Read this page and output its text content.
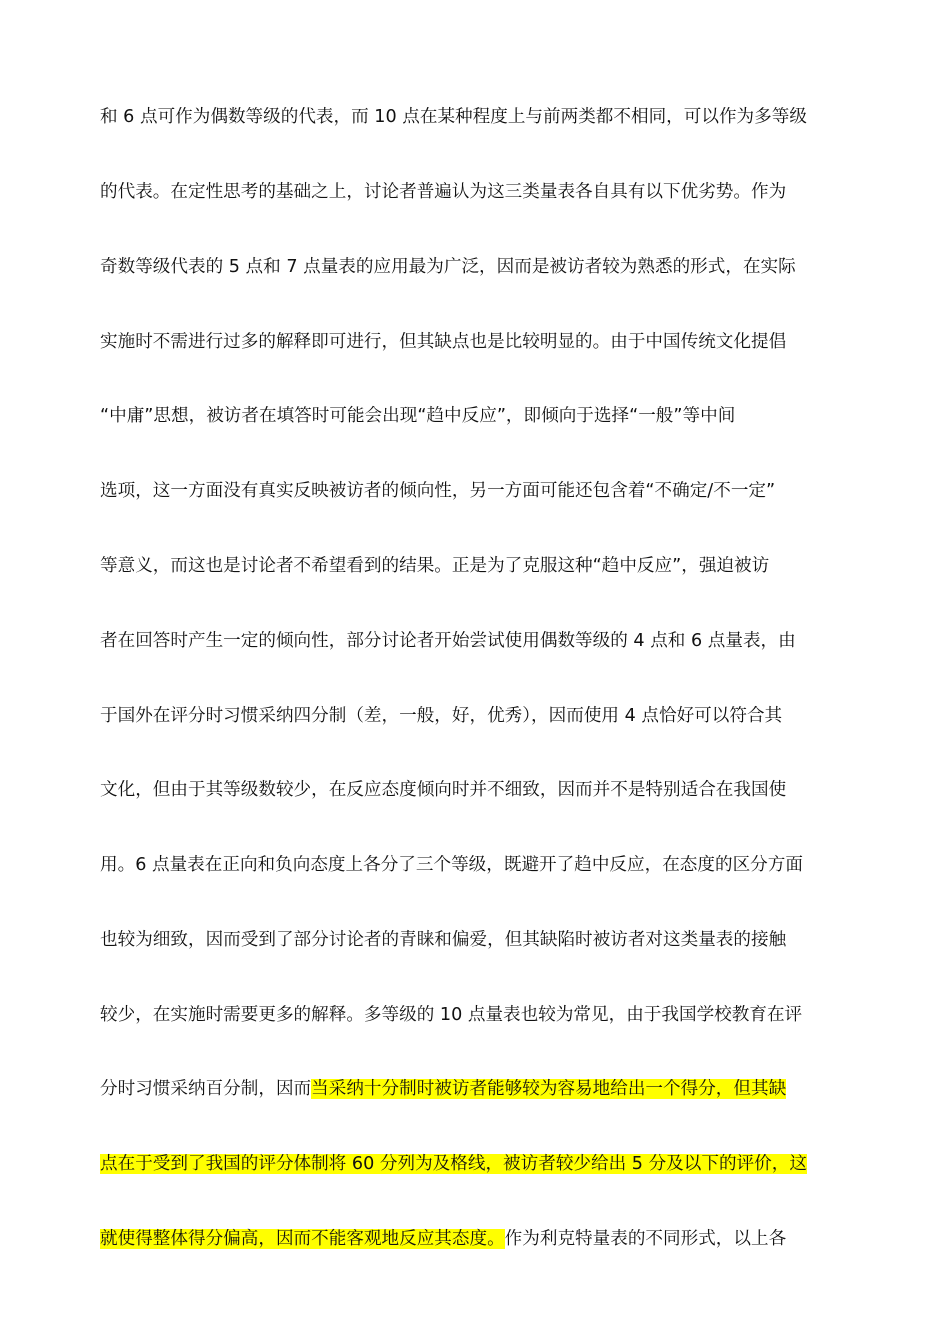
和 6 点可作为偶数等级的代表，而 10 点在某种程度上与前两类都不相同，可以作为多等级
的代表。在定性思考的基础之上，讨论者普遍认为这三类量表各自具有以下优劣势。作为
奇数等级代表的 5 点和 7 点量表的应用最为广泛，因而是被访者较为熟悉的形式，在实际
实施时不需进行过多的解释即可进行，但其缺点也是比较明显的。由于中国传统文化提倡
“中庸”思想，被访者在填答时可能会出现“趋中反应”，即倾向于选择“一般”等中间
选项，这一方面没有真实反映被访者的倾向性，另一方面可能还包含着“不确定/不一定”
等意义，而这也是讨论者不希望看到的结果。正是为了克服这种“趋中反应”，强迫被访
者在回答时产生一定的倾向性，部分讨论者开始尝试使用偶数等级的 4 点和 6 点量表，由
于国外在评分时习惯采纳四分制（差，一般，好，优秀），因而使用 4 点恰好可以符合其
文化，但由于其等级数较少，在反应态度倾向时并不细致，因而并不是特别适合在我国使
用。6 点量表在正向和负向态度上各分了三个等级，既避开了趋中反应，在态度的区分方面
也较为细致，因而受到了部分讨论者的青睐和偏爱，但其缺陷时被访者对这类量表的接触
较少，在实施时需要更多的解释。多等级的 10 点量表也较为常见，由于我国学校教育在评
分时习惯采纳百分制，因而当采纳十分制时被访者能够较为容易地给出一个得分，但其缺
点在于受到了我国的评分体制将 60 分列为及格线，被访者较少给出 5 分及以下的评价，这
就使得整体得分偏高，因而不能客观地反应其态度。作为利克特量表的不同形式，以上各
